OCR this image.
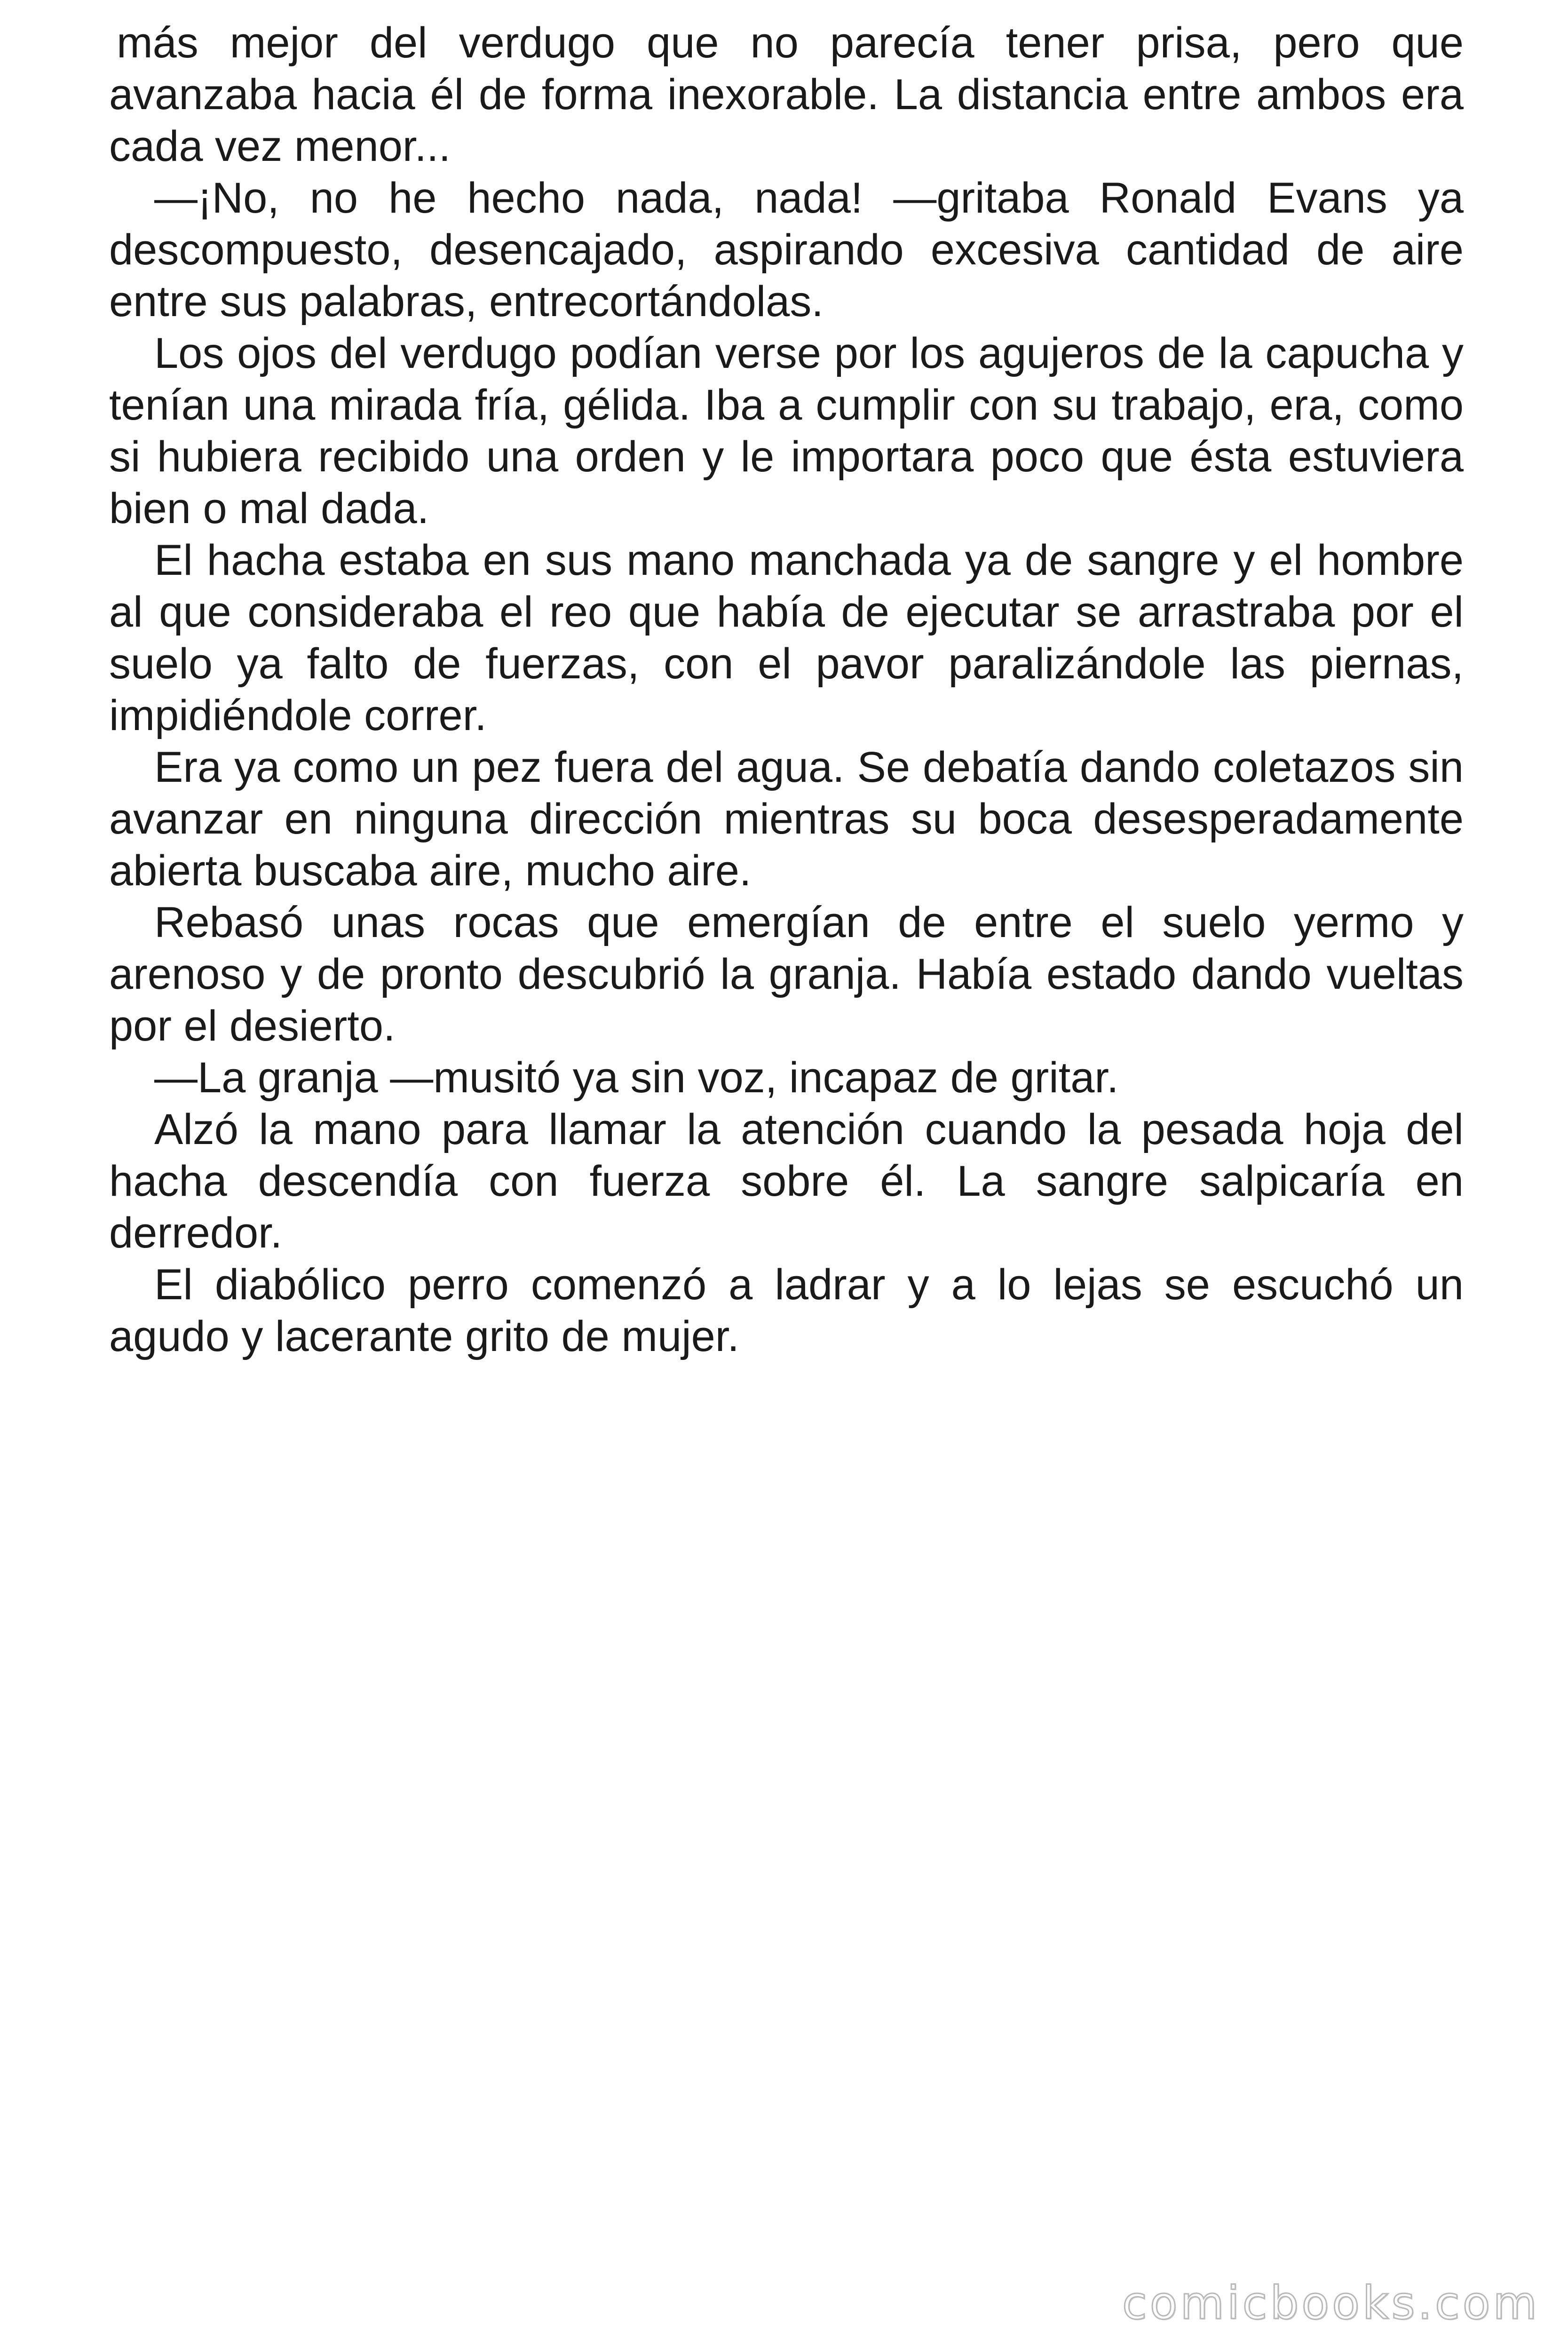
más mejor del verdugo que no parecía tener prisa, pero que avanzaba hacia él de forma inexorable. La distancia entre ambos era cada vez menor...

—¡No, no he hecho nada, nada! —gritaba Ronald Evans ya descompuesto, desencajado, aspirando excesiva cantidad de aire entre sus palabras, entrecortándolas.

Los ojos del verdugo podían verse por los agujeros de la capucha y tenían una mirada fría, gélida. Iba a cumplir con su trabajo, era, como si hubiera recibido una orden y le importara poco que ésta estuviera bien o mal dada.

El hacha estaba en sus mano manchada ya de sangre y el hombre al que consideraba el reo que había de ejecutar se arrastraba por el suelo ya falto de fuerzas, con el pavor paralizándole las piernas, impidiéndole correr.

Era ya como un pez fuera del agua. Se debatía dando coletazos sin avanzar en ninguna dirección mientras su boca desesperadamente abierta buscaba aire, mucho aire.

Rebasó unas rocas que emergían de entre el suelo yermo y arenoso y de pronto descubrió la granja. Había estado dando vueltas por el desierto.

—La granja —musitó ya sin voz, incapaz de gritar.

Alzó la mano para llamar la atención cuando la pesada hoja del hacha descendía con fuerza sobre él. La sangre salpicaría en derredor.

El diabólico perro comenzó a ladrar y a lo lejas se escuchó un agudo y lacerante grito de mujer.

comicbooks.com
